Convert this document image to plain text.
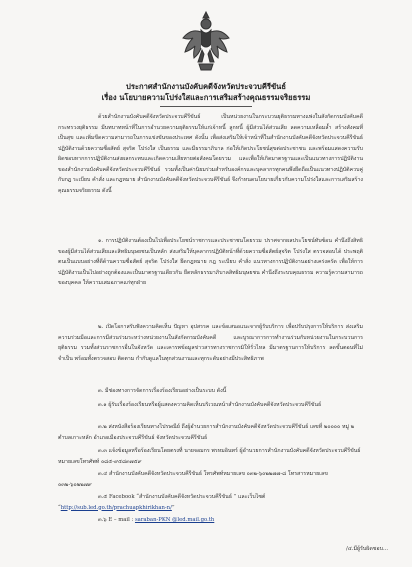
ประกาศสำนักงานบังคับคดีจังหวัดประจวบคีรีขันธ์
เรื่อง นโยบายความโปร่งใสและการเสริมสร้างคุณธรรมจริยธรรม

ด้วยสำนักงานบังคับคดีจังหวัดประจวบคีรีขันธ์ เป็นหน่วยงานในกระบวนยุติธรรมทางแพ่งในสังกัดกรมบังคับคดี กระทรวงยุติธรรม มีบทบาทหน้าที่ในการอำนวยความยุติธรรมให้แก่เจ้าหนี้ ลูกหนี้ ผู้มีส่วนได้ส่วนเสีย ลดความเหลื่อมล้ำ สร้างสังคมที่เป็นสุข และเพิ่มขีดความสามารถในการแข่งขันของประเทศ ดังนั้น เพื่อส่งเสริมให้เจ้าหน้าที่ในสำนักงานบังคับคดีจังหวัดประจวบคีรีขันธ์ ปฏิบัติงานด้วยความซื่อสัตย์ สุจริต โปร่งใส เป็นธรรม และมีธรรมาภิบาล ก่อให้เกิดประโยชน์สุขต่อประชาชน และพร้อมแสดงความรับผิดชอบหากการปฏิบัติงานส่งผลกระทบและเกิดความเสียหายต่อสังคมโดยรวม และเพื่อให้เกิดมาตรฐานและเป็นแนวทางการปฏิบัติงานของสำนักงานบังคับคดีจังหวัดประจวบคีรีขันธ์ รวมทั้งเป็นค่านิยมร่วมสำหรับองค์กรและบุคลากรทุกคนพึงยึดถือเป็นแนวทางปฏิบัติควบคู่กับกฎ ระเบียบ คำสั่ง และกฎหมาย สำนักงานบังคับคดีจังหวัดประจวบคีรีขันธ์ จึงกำหนดนโยบายเกี่ยวกับความโปร่งใสและการเสริมสร้างคุณธรรมจริยธรรม ดังนี้

๑. การปฏิบัติงานต้องเป็นไปเพื่อประโยชน์ราชการและประชาชนโดยรวม ปราศจากผลประโยชน์ทับซ้อน คำนึงถึงสิทธิของผู้มีส่วนได้ส่วนเสียและสิทธิมนุษยชนเป็นหลัก ส่งเสริมให้บุคลากรปฏิบัติหน้าที่ด้วยความซื่อสัตย์สุจริต โปร่งใส ตรวจสอบได้ ประพฤติตนเป็นแบบอย่างที่ดีด้านความซื่อสัตย์ สุจริต โปร่งใส ยึดกฎหมาย กฎ ระเบียบ คำสั่ง แนวทางการปฏิบัติงานอย่างเคร่งครัด เพื่อให้การปฏิบัติงานเป็นไปอย่างถูกต้องและเป็นมาตรฐานเดียวกัน ยึดหลักธรรมาภิบาลสิทธิมนุษยชน คำนึงถึงระบบคุณธรรม ความรู้ความสามารถของบุคคล ให้ความเสมอภาคแก่ทุกฝ่าย

๒. เปิดโอกาสรับฟังความคิดเห็น ปัญหา อุปสรรค และข้อเสนอแนะจากผู้รับบริการ เพื่อปรับปรุงการให้บริการ ส่งเสริมความร่วมมือและการมีส่วนร่วมระหว่างหน่วยงานในสังกัดกรมบังคับคดี และบูรณาการการทำงานร่วมกับหน่วยงานในกระบวนการยุติธรรม รวมทั้งส่วนราชการอื่นในจังหวัด และเคารพข้อมูลข่าวสารทางราชการมิให้รั่วไหล มีมาตรฐานการให้บริการ ลดขั้นตอนที่ไม่จำเป็น พร้อมทั้งตรวจสอบ ติดตาม กำกับดูแลในทุกส่วนงานและทุกระดับอย่างมีประสิทธิภาพ

๓. มีช่องทางการจัดการเรื่องร้องเรียนอย่างเป็นระบบ ดังนี้

๓.๑ ผู้รับเรื่องร้องเรียนหรือผู้แสดงความคิดเห็นบริเวณหน้าสำนักงานบังคับคดีจังหวัดประจวบคีรีขันธ์

๓.๒ ส่งหนังสือร้องเรียนทางไปรษณีย์ ถึงผู้อำนวยการสำนักงานบังคับคดีจังหวัดประจวบคีรีขันธ์ เลขที่ ๒๐๐๐๐ หมู่ ๒ ตำบลเกาะหลัก อำเภอเมืองประจวบคีรีขันธ์ จังหวัดประจวบคีรีขันธ์

๓.๓ แจ้งข้อมูลหรือร้องเรียนโดยตรงที่ นายจอมกร พรหมอินทร์ ผู้อำนวยการสำนักงานบังคับคดีจังหวัดประจวบคีรีขันธ์ หมายเลขโทรศัพท์ ๐๘๕-๙๕๘๓๗๕๙

๓.๔ สำนักงานบังคับคดีจังหวัดประจวบคีรีขันธ์ โทรศัพท์หมายเลข ๐๓๒-๖๐๒๒๗๗-๘ โทรสารหมายเลข ๐๓๒-๖๐๒๒๗๙

๓.๕ Facebook “สำนักงานบังคับคดีจังหวัดประจวบคีรีขันธ์ ” และเว็บไซต์ “http://sub.led.go.th/prachuapkhirikhan-n/”

๓.๖ E – mail : saraban-PKN @led.mail.go.th

/๔.มีผู้รับผิดชอบ...
